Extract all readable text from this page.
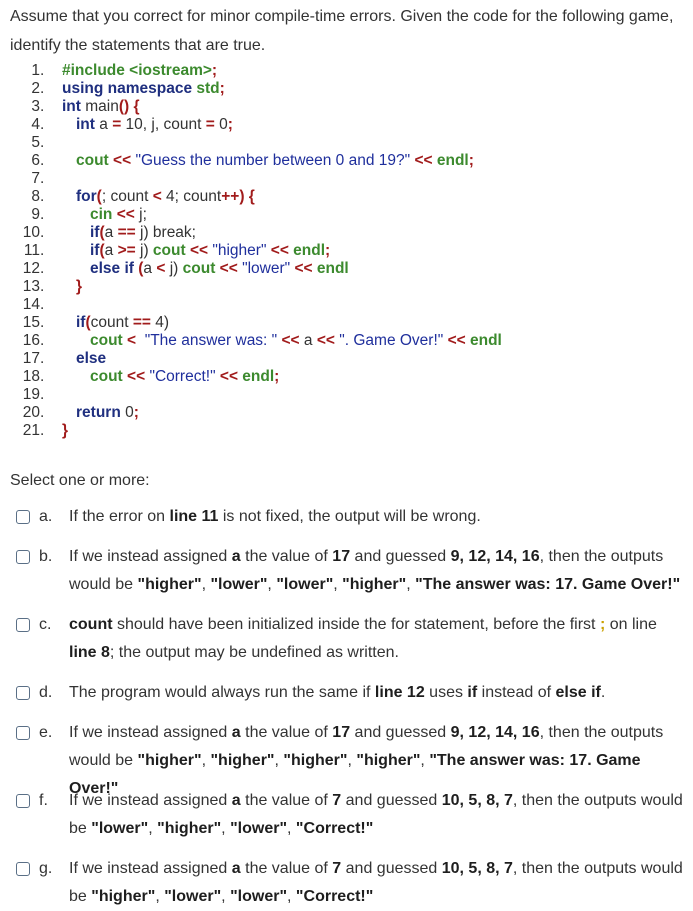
Assume that you correct for minor compile-time errors. Given the code for the following game, identify the statements that are true.
1 .	#include <iostream>;
2 .	using namespace std;
3 .	int main() {
4 .	int a = 10, j, count = 0;
5 .
6 .	cout << "Guess the number between 0 and 19?" << endl;
7 .
8 .	for(; count < 4; count++) {
9 .	cin << j;
10 .	if(a == j) break;
11 .	if(a >= j) cout << "higher" << endl;
12 .	else if (a < j) cout << "lower" << endl
13 .	}
14 .
15 .	if(count == 4)
16 .	cout <  "The answer was: " << a << ". Game Over!" << endl
17 .	else
18 .	cout << "Correct!" << endl;
19 .
20 .	return 0;
21 .	}
Select one or more:
a.	If the error on line 11 is not fixed, the output will be wrong.
b.	If we instead assigned a the value of 17 and guessed 9, 12, 14, 16, then the outputs would be "higher", "lower", "lower", "higher", "The answer was: 17. Game Over!"
c.	count should have been initialized inside the for statement, before the first ; on line line 8; the output may be undefined as written.
d.	The program would always run the same if line 12 uses if instead of else if.
e.	If we instead assigned a the value of 17 and guessed 9, 12, 14, 16, then the outputs would be "higher", "higher", "higher", "higher", "The answer was: 17. Game Over!"
f.	If we instead assigned a the value of 7 and guessed 10, 5, 8, 7, then the outputs would be "lower", "higher", "lower", "Correct!"
g.	If we instead assigned a the value of 7 and guessed 10, 5, 8, 7, then the outputs would be "higher", "lower", "lower", "Correct!"
